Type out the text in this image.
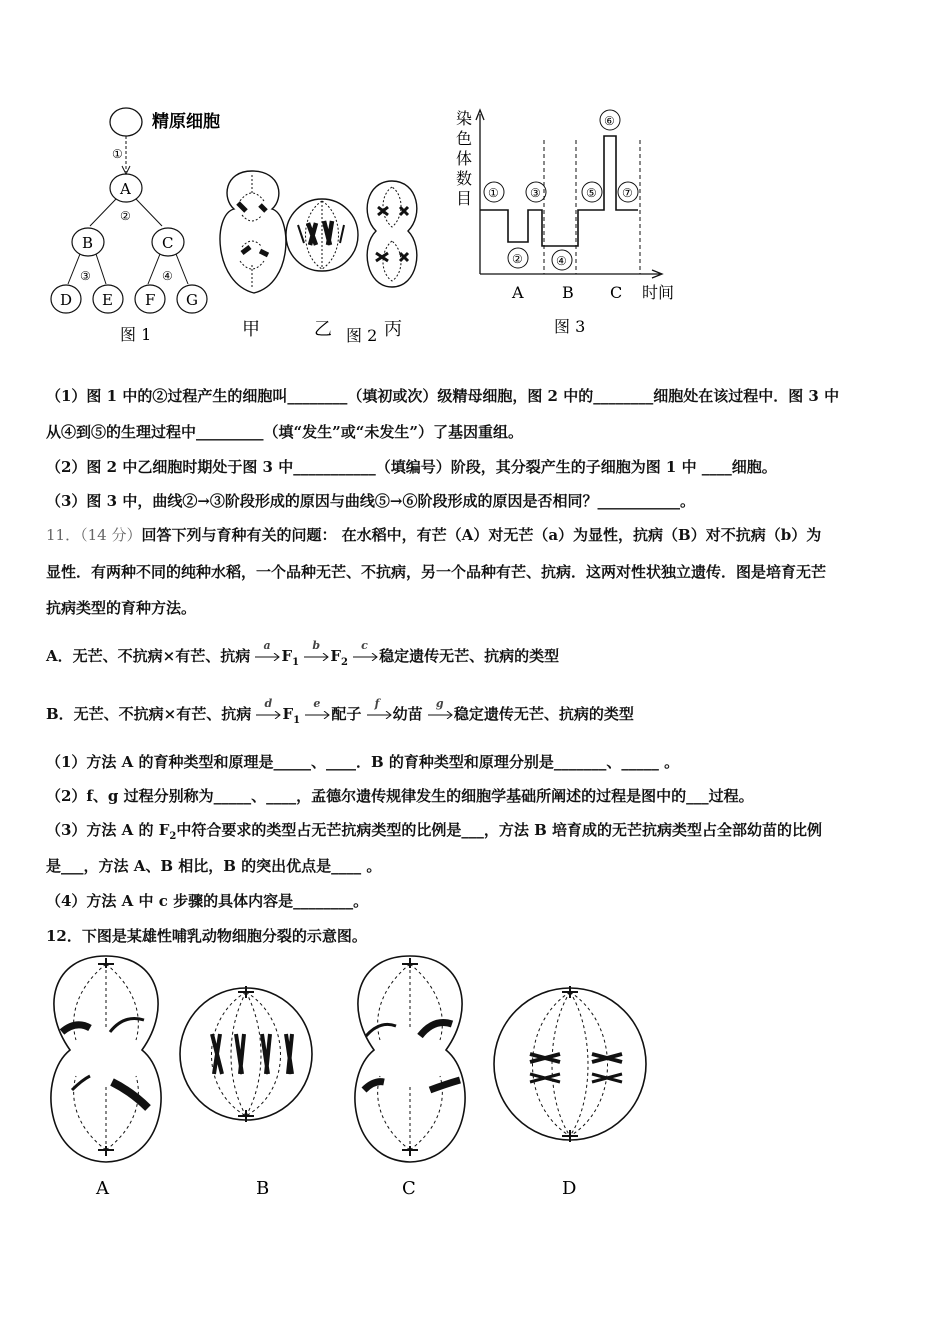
精原细胞
①
A
②
B	C
③	④
D E F G
图 1	甲	乙	丙
图 2
染
色
体
数
目 ①
②
③
④
⑤
⑥
⑦
A B C 时间
图 3
（1）图 1 中的②过程产生的细胞叫________（填初或次）级精母细胞，图 2 中的________细胞处在该过程中．图 3 中
从④到⑤的生理过程中_________（填“发生”或“未发生”）了基因重组。
（2）图 2 中乙细胞时期处于图 3 中___________（填编号）阶段，其分裂产生的子细胞为图 1 中 ____细胞。
（3）图 3 中，曲线②→③阶段形成的原因与曲线⑤→⑥阶段形成的原因是否相同？___________。
11．（14 分）回答下列与育种有关的问题： 在水稻中，有芒（A）对无芒（a）为显性，抗病（B）对不抗病（b）为
显性．有两种不同的纯种水稻，一个品种无芒、不抗病，另一个品种有芒、抗病．这两对性状独立遗传．图是培育无芒
抗病类型的育种方法。
A．无芒、不抗病×有芒、抗病
a
$F_1$
b
$F_2$
c
稳定遗传无芒、抗病的类型
B．无芒、不抗病×有芒、抗病
d
$F_1$
e
配子
f
幼苗
g
稳定遗传无芒、抗病的类型
（1）方法 A 的育种类型和原理是_____、____．B 的育种类型和原理分别是_______、_____ 。
（2）f、g 过程分别称为_____、____，孟德尔遗传规律发生的细胞学基础所阐述的过程是图中的___过程。
（3）方法 A 的 $F_2$中符合要求的类型占无芒抗病类型的比例是___，方法 B 培育成的无芒抗病类型占全部幼苗的比例
是___，方法 A、B 相比，B 的突出优点是____ 。
（4）方法 A 中 c 步骤的具体内容是________。
12．下图是某雄性哺乳动物细胞分裂的示意图。
A	B	C	D
